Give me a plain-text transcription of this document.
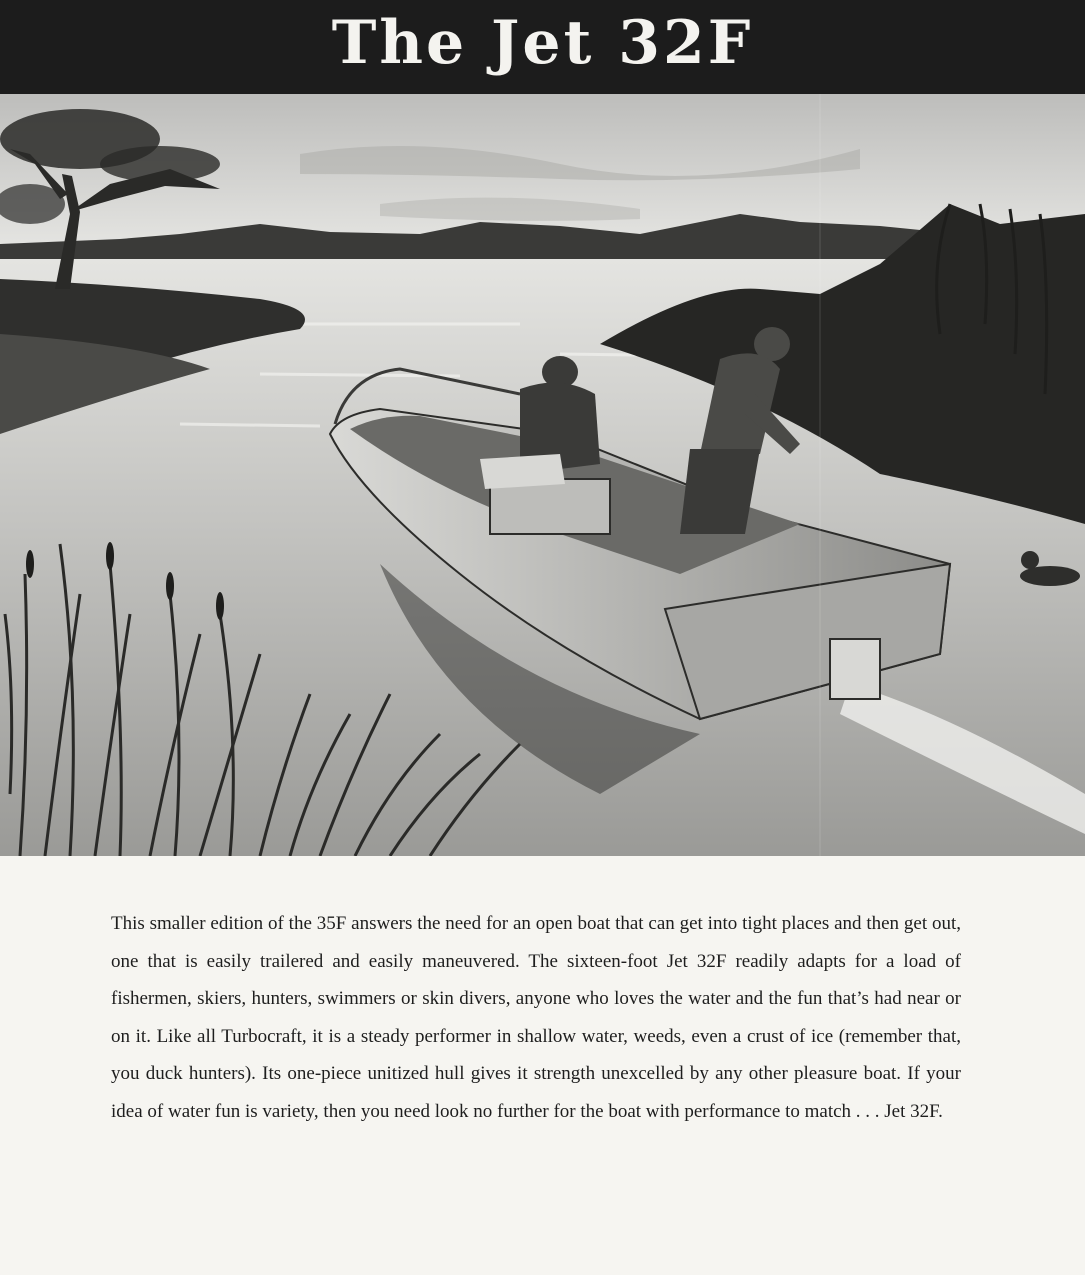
The Jet 32F
This smaller edition of the 35F answers the need for an open boat that can get into tight places and then get out, one that is easily trailered and easily maneuvered. The sixteen-foot Jet 32F readily adapts for a load of fishermen, skiers, hunters, swimmers or skin divers, anyone who loves the water and the fun that’s had near or on it. Like all Turbocraft, it is a steady performer in shallow water, weeds, even a crust of ice (remember that, you duck hunters). Its one-piece unitized hull gives it strength unexcelled by any other pleasure boat. If your idea of water fun is variety, then you need look no further for the boat with performance to match . . . Jet 32F.
